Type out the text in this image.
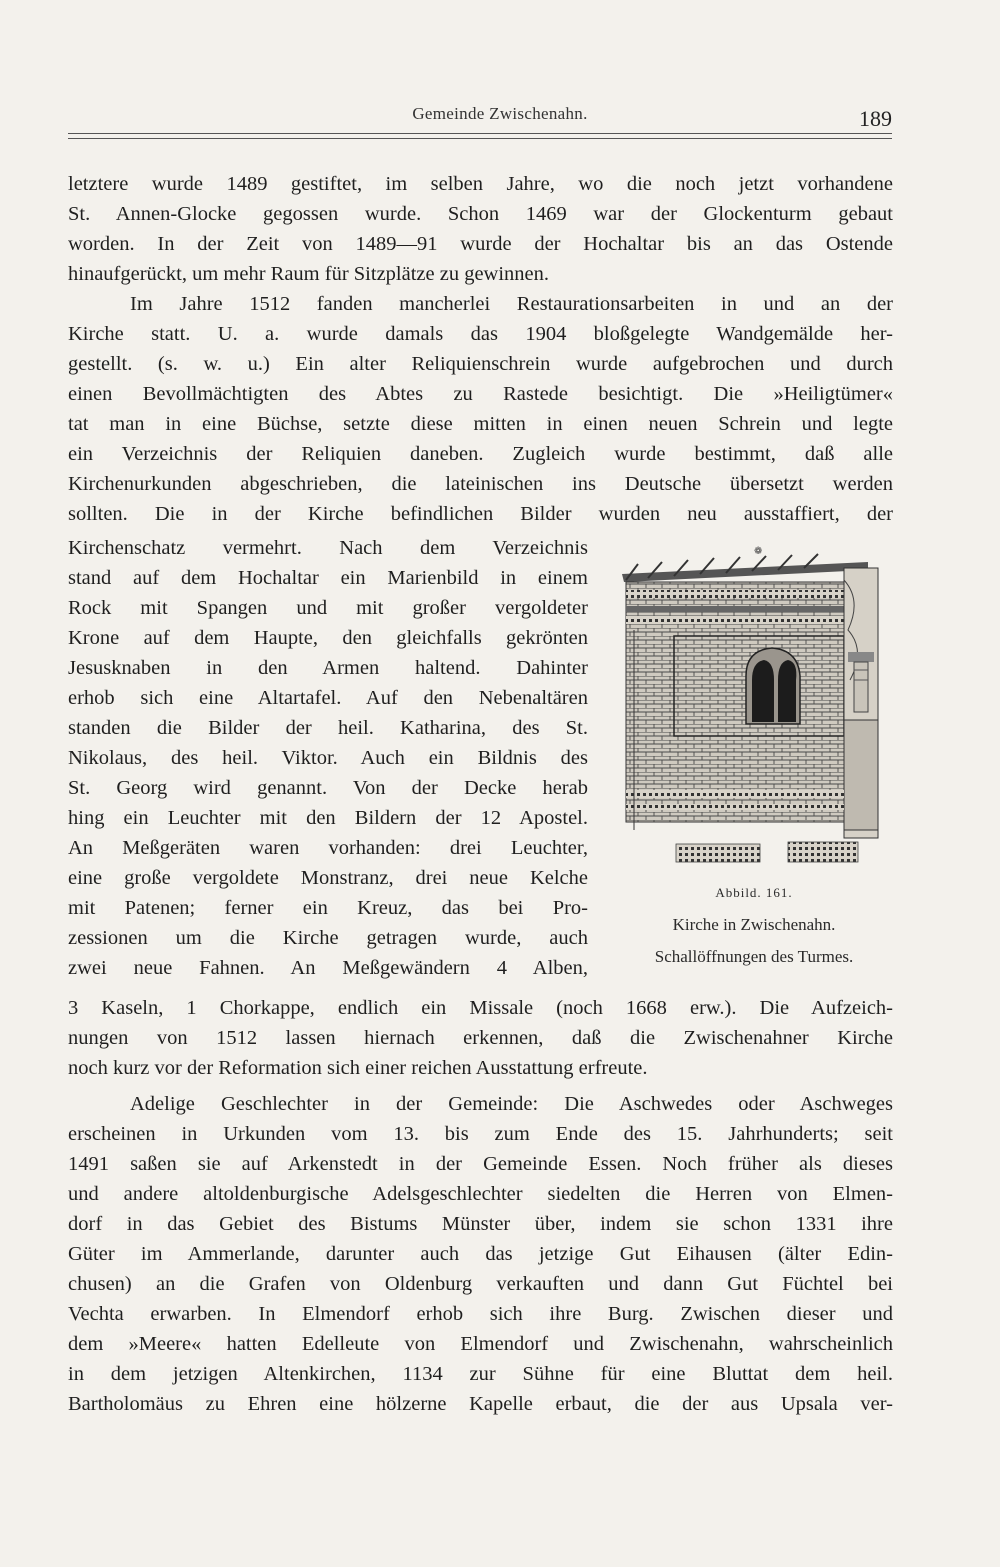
Gemeinde Zwischenahn.	189
letztere wurde 1489 gestiftet, im selben Jahre, wo die noch jetzt vorhandene
St. Annen-Glocke gegossen wurde. Schon 1469 war der Glockenturm gebaut
worden. In der Zeit von 1489—91 wurde der Hochaltar bis an das Ostende
hinaufgerückt, um mehr Raum für Sitzplätze zu gewinnen.
Im Jahre 1512 fanden mancherlei Restaurationsarbeiten in und an der
Kirche statt. U. a. wurde damals das 1904 bloßgelegte Wandgemälde her-
gestellt. (s. w. u.) Ein alter Reliquienschrein wurde aufgebrochen und durch
einen Bevollmächtigten des Abtes zu Rastede besichtigt. Die »Heiligtümer«
tat man in eine Büchse, setzte diese mitten in einen neuen Schrein und legte
ein Verzeichnis der Reliquien daneben. Zugleich wurde bestimmt, daß alle
Kirchenurkunden abgeschrieben, die lateinischen ins Deutsche übersetzt werden
sollten. Die in der Kirche befindlichen Bilder wurden neu ausstaffiert, der
Kirchenschatz vermehrt. Nach dem Verzeichnis
stand auf dem Hochaltar ein Marienbild in einem
Rock mit Spangen und mit großer vergoldeter
Krone auf dem Haupte, den gleichfalls gekrönten
Jesusknaben in den Armen haltend. Dahinter
erhob sich eine Altartafel. Auf den Nebenaltären
standen die Bilder der heil. Katharina, des St.
Nikolaus, des heil. Viktor. Auch ein Bildnis des
St. Georg wird genannt. Von der Decke herab
hing ein Leuchter mit den Bildern der 12 Apostel.
An Meßgeräten waren vorhanden: drei Leuchter,
eine große vergoldete Monstranz, drei neue Kelche
mit Patenen; ferner ein Kreuz, das bei Pro-
zessionen um die Kirche getragen wurde, auch
zwei neue Fahnen. An Meßgewändern 4 Alben,
3 Kaseln, 1 Chorkappe, endlich ein Missale (noch 1668 erw.). Die Aufzeich-
nungen von 1512 lassen hiernach erkennen, daß die Zwischenahner Kirche
noch kurz vor der Reformation sich einer reichen Ausstattung erfreute.
Adelige Geschlechter in der Gemeinde: Die Aschwedes oder Aschweges
erscheinen in Urkunden vom 13. bis zum Ende des 15. Jahrhunderts; seit
1491 saßen sie auf Arkenstedt in der Gemeinde Essen. Noch früher als dieses
und andere altoldenburgische Adelsgeschlechter siedelten die Herren von Elmen-
dorf in das Gebiet des Bistums Münster über, indem sie schon 1331 ihre
Güter im Ammerlande, darunter auch das jetzige Gut Eihausen (älter Edin-
chusen) an die Grafen von Oldenburg verkauften und dann Gut Füchtel bei
Vechta erwarben. In Elmendorf erhob sich ihre Burg. Zwischen dieser und
dem »Meere« hatten Edelleute von Elmendorf und Zwischenahn, wahrscheinlich
in dem jetzigen Altenkirchen, 1134 zur Sühne für eine Bluttat dem heil.
Bartholomäus zu Ehren eine hölzerne Kapelle erbaut, die der aus Upsala ver-
❁
Abbild. 161.
Kirche in Zwischenahn.
Schallöffnungen des Turmes.
